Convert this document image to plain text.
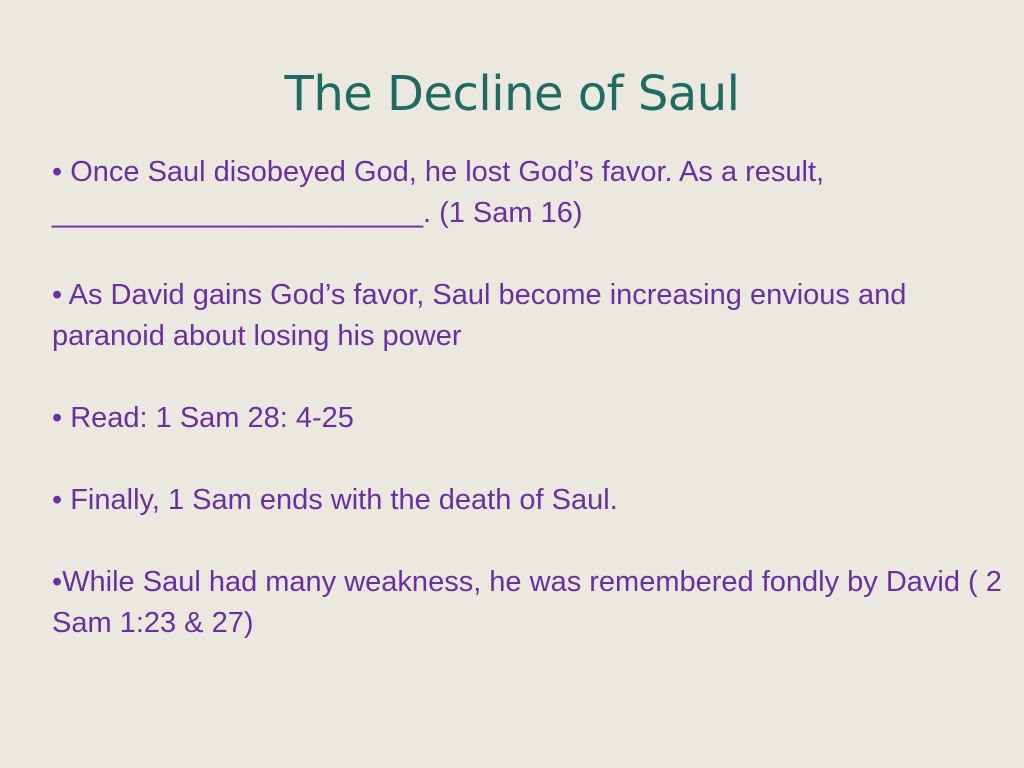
The Decline of Saul

• Once Saul disobeyed God, he lost God’s favor. As a result, _______________________. (1 Sam 16)

• As David gains God’s favor, Saul become increasing envious and paranoid about losing his power

• Read: 1 Sam 28: 4-25

• Finally, 1 Sam ends with the death of Saul.

•While Saul had many weakness, he was remembered fondly by David ( 2 Sam 1:23 & 27)
